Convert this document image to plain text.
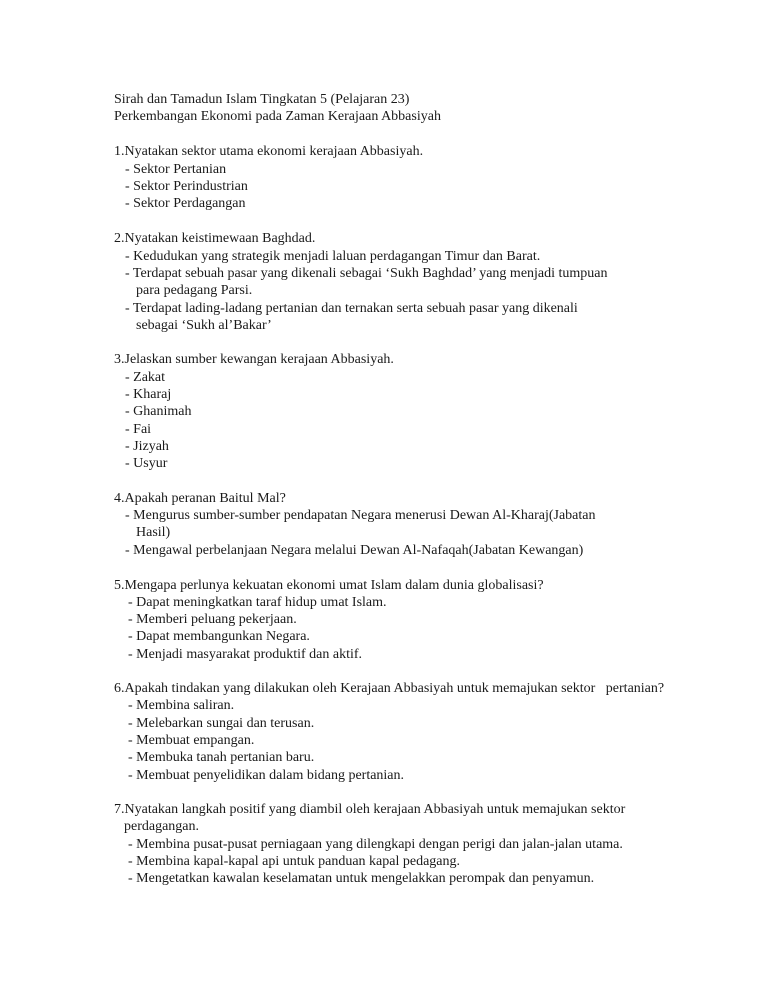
Sirah dan Tamadun Islam Tingkatan 5 (Pelajaran 23)
Perkembangan Ekonomi pada Zaman Kerajaan Abbasiyah
1.Nyatakan sektor utama ekonomi kerajaan Abbasiyah.
- Sektor Pertanian
- Sektor Perindustrian
- Sektor Perdagangan
2.Nyatakan keistimewaan Baghdad.
- Kedudukan yang strategik menjadi laluan perdagangan Timur dan Barat.
- Terdapat sebuah pasar yang dikenali sebagai ‘Sukh Baghdad’ yang menjadi tumpuan
para pedagang Parsi.
- Terdapat lading-ladang pertanian dan ternakan serta sebuah pasar yang dikenali
sebagai ‘Sukh al’Bakar’
3.Jelaskan sumber kewangan kerajaan Abbasiyah.
- Zakat
- Kharaj
- Ghanimah
- Fai
- Jizyah
- Usyur
4.Apakah peranan Baitul Mal?
- Mengurus sumber-sumber pendapatan Negara menerusi Dewan Al-Kharaj(Jabatan
Hasil)
- Mengawal perbelanjaan Negara melalui Dewan Al-Nafaqah(Jabatan Kewangan)
5.Mengapa perlunya kekuatan ekonomi umat Islam dalam dunia globalisasi?
- Dapat meningkatkan taraf hidup umat Islam.
- Memberi peluang pekerjaan.
- Dapat membangunkan Negara.
- Menjadi masyarakat produktif dan aktif.
6.Apakah tindakan yang dilakukan oleh Kerajaan Abbasiyah untuk memajukan sektor   pertanian?
- Membina saliran.
- Melebarkan sungai dan terusan.
- Membuat empangan.
- Membuka tanah pertanian baru.
- Membuat penyelidikan dalam bidang pertanian.
7.Nyatakan langkah positif yang diambil oleh kerajaan Abbasiyah untuk memajukan sektor
perdagangan.
- Membina pusat-pusat perniagaan yang dilengkapi dengan perigi dan jalan-jalan utama.
- Membina kapal-kapal api untuk panduan kapal pedagang.
- Mengetatkan kawalan keselamatan untuk mengelakkan perompak dan penyamun.
